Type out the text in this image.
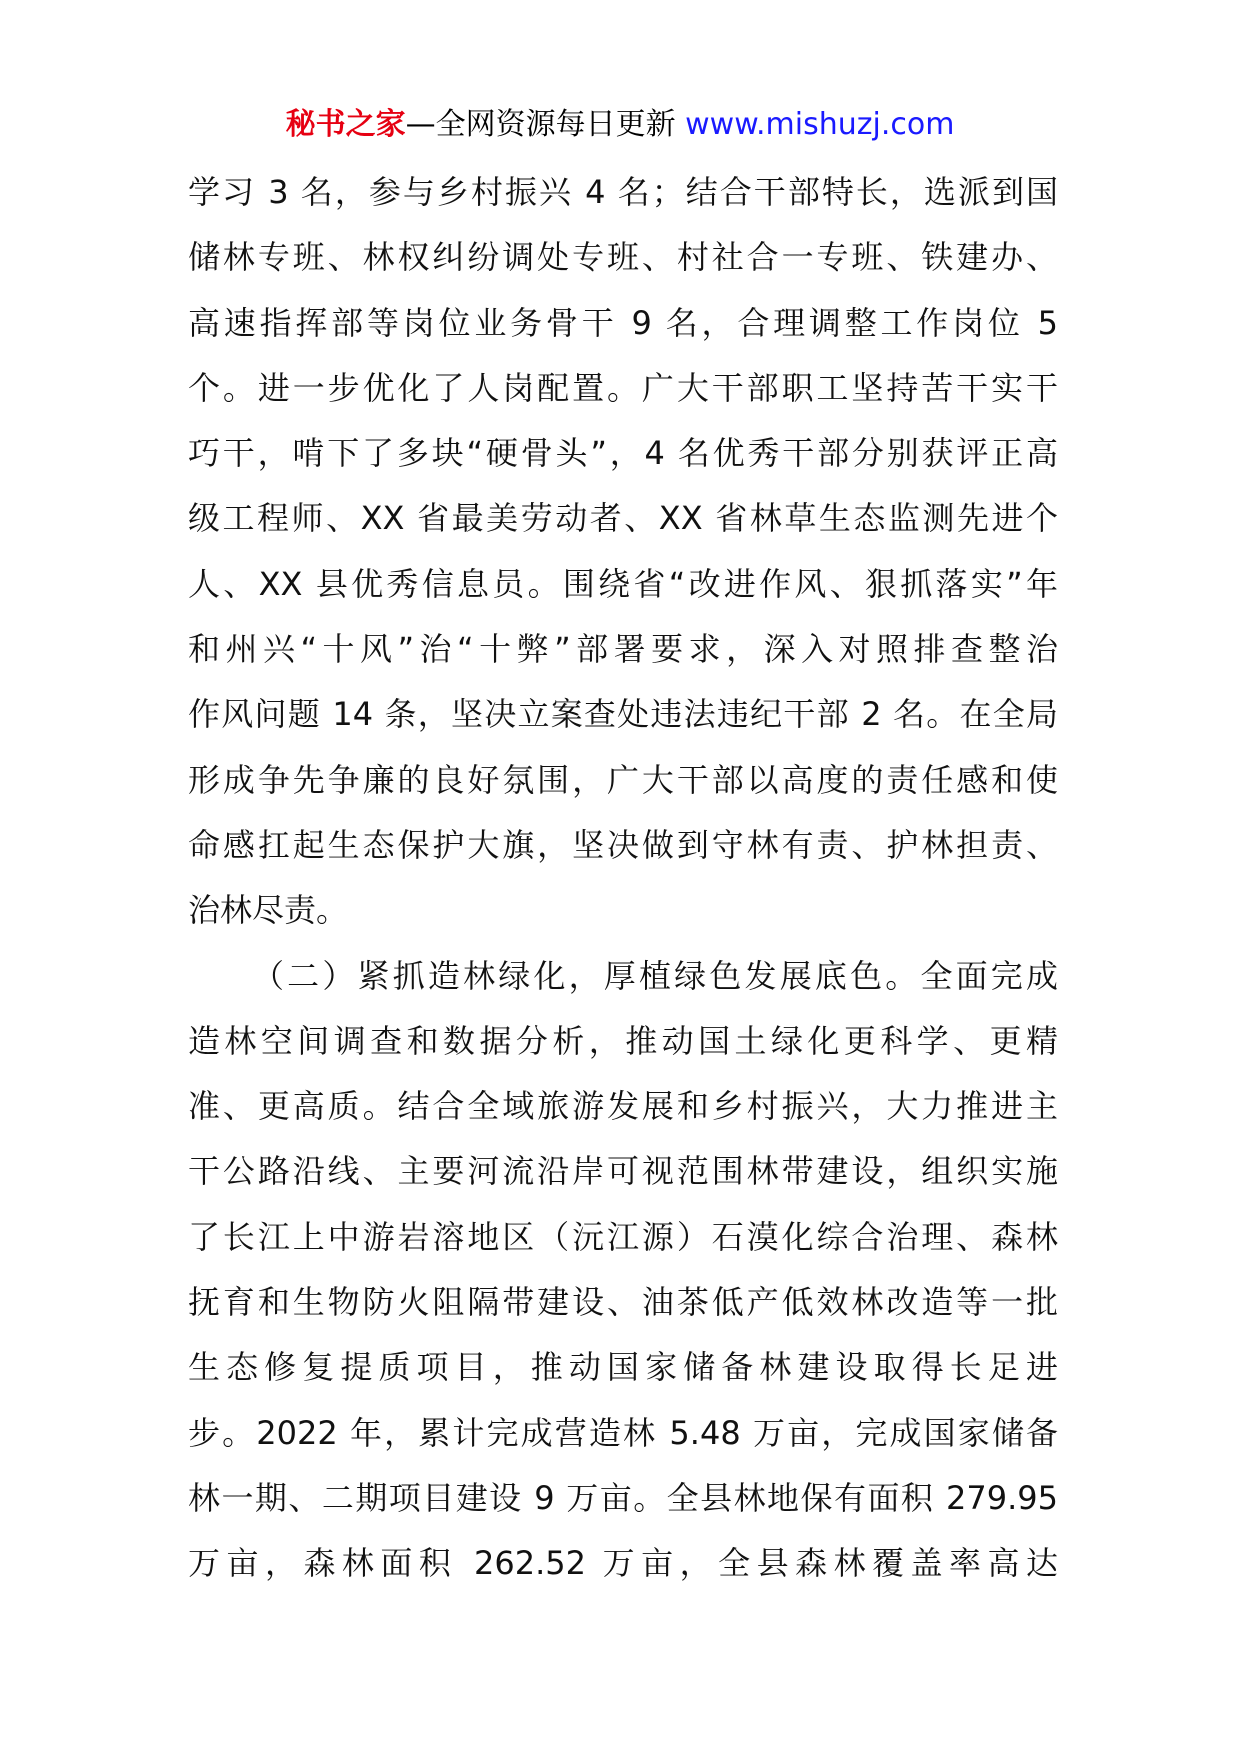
秘书之家—全网资源每日更新 www.mishuzj.com
学习 3 名，参与乡村振兴 4 名；结合干部特长，选派到国
储林专班、林权纠纷调处专班、村社合一专班、铁建办、
高速指挥部等岗位业务骨干 9 名，合理调整工作岗位 5
个。进一步优化了人岗配置。广大干部职工坚持苦干实干
巧干，啃下了多块“硬骨头”，4 名优秀干部分别获评正高
级工程师、XX 省最美劳动者、XX 省林草生态监测先进个
人、XX 县优秀信息员。围绕省“改进作风、狠抓落实”年
和州兴“十风”治“十弊”部署要求，深入对照排查整治
作风问题 14 条，坚决立案查处违法违纪干部 2 名。在全局
形成争先争廉的良好氛围，广大干部以高度的责任感和使
命感扛起生态保护大旗，坚决做到守林有责、护林担责、
治林尽责。
（二）紧抓造林绿化，厚植绿色发展底色。全面完成
造林空间调查和数据分析，推动国土绿化更科学、更精
准、更高质。结合全域旅游发展和乡村振兴，大力推进主
干公路沿线、主要河流沿岸可视范围林带建设，组织实施
了长江上中游岩溶地区（沅江源）石漠化综合治理、森林
抚育和生物防火阻隔带建设、油茶低产低效林改造等一批
生态修复提质项目，推动国家储备林建设取得长足进
步。2022 年，累计完成营造林 5.48 万亩，完成国家储备
林一期、二期项目建设 9 万亩。全县林地保有面积 279.95
万亩，森林面积 262.52 万亩，全县森林覆盖率高达
